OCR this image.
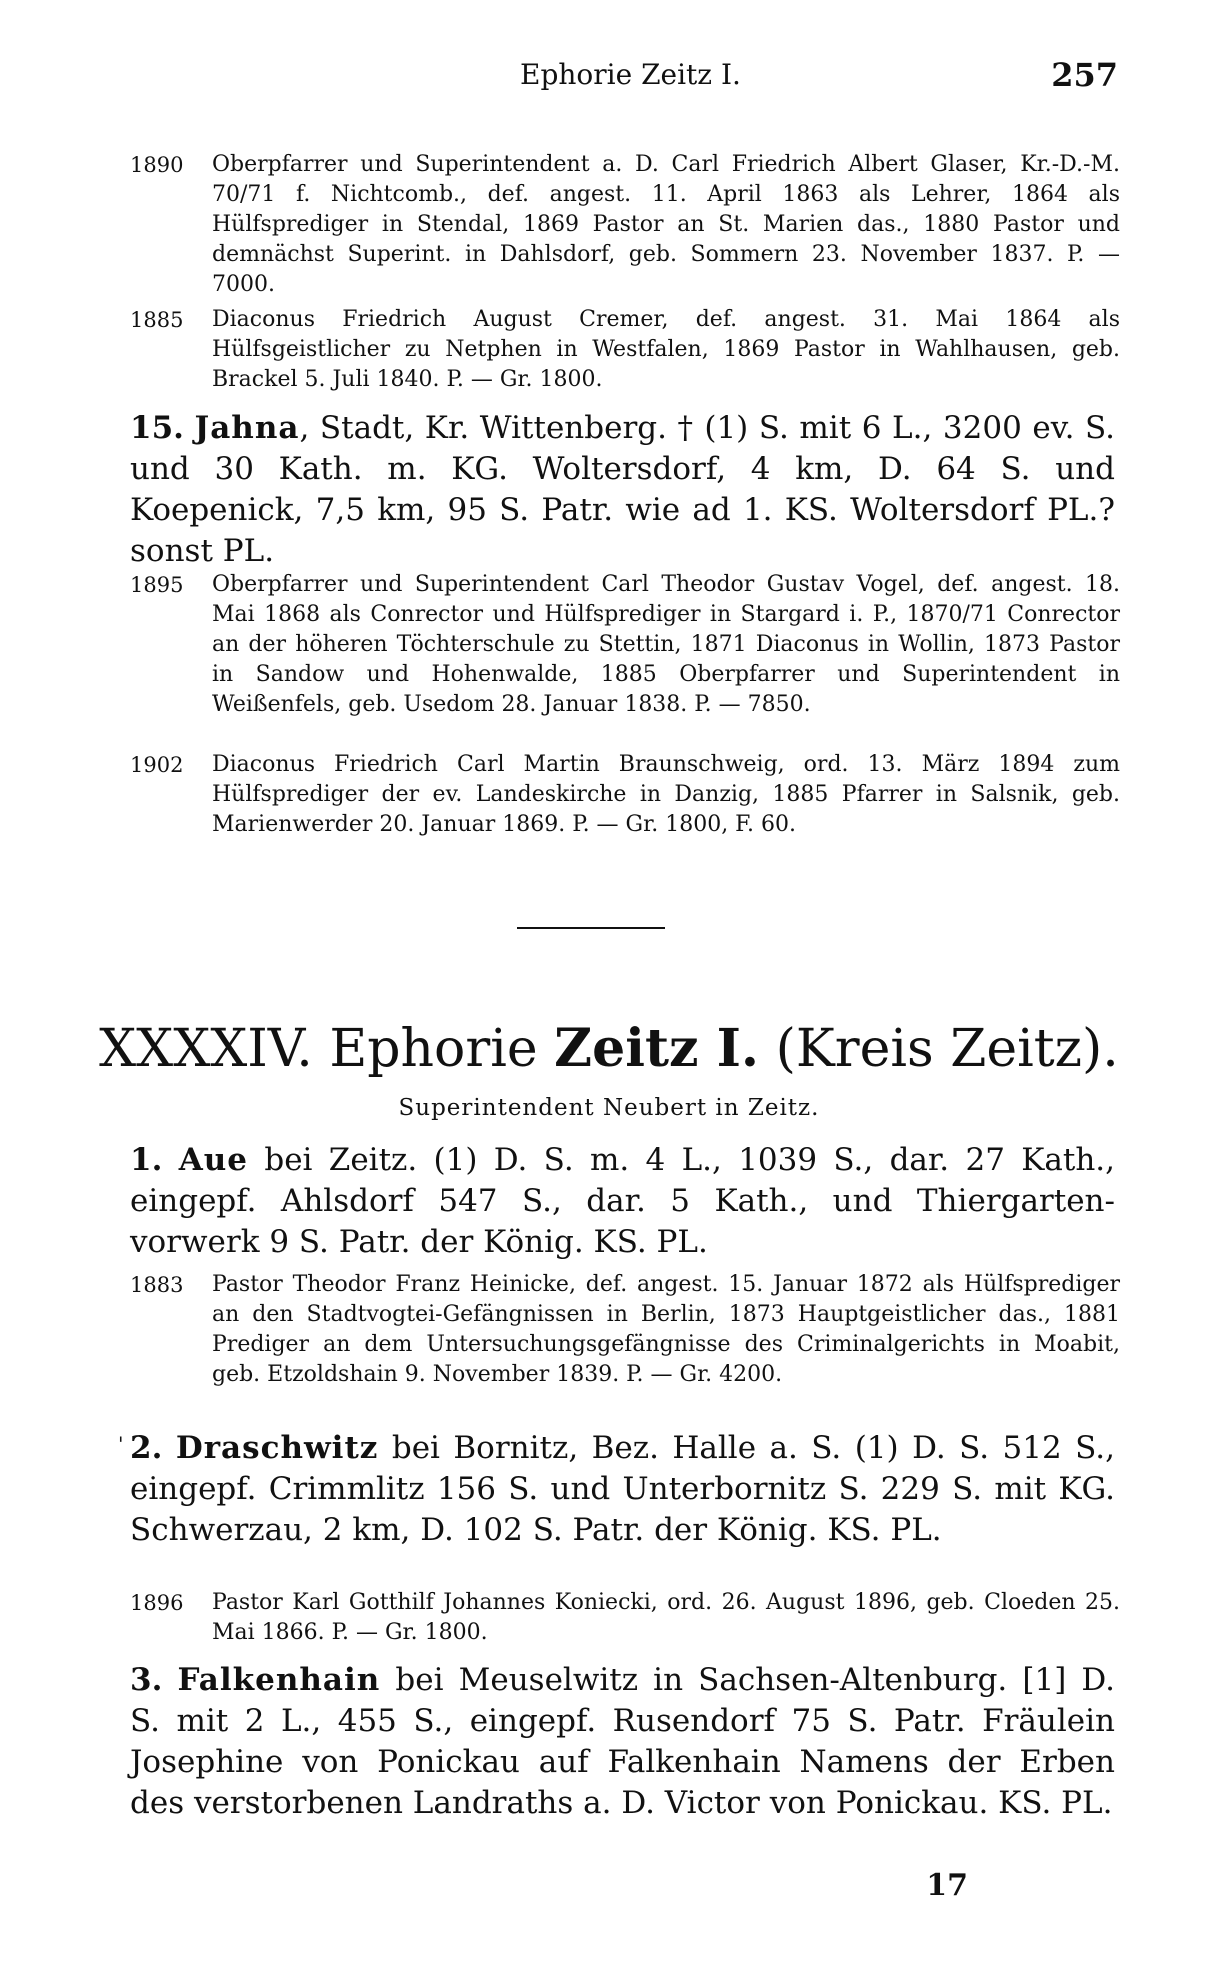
Ephorie Zeitz I.	257
1890	Oberpfarrer und Superintendent a. D. Carl Friedrich Albert Glaser, Kr.-D.-M. 70/71 f. Nichtcomb., def. angest. 11. April 1863 als Lehrer, 1864 als Hülfsprediger in Stendal, 1869 Pastor an St. Marien das., 1880 Pastor und demnächst Superint. in Dahlsdorf, geb. Sommern 23. November 1837. P. — 7000.
1885	Diaconus Friedrich August Cremer, def. angest. 31. Mai 1864 als Hülfsgeistlicher zu Netphen in Westfalen, 1869 Pastor in Wahlhausen, geb. Brackel 5. Juli 1840. P. — Gr. 1800.
15. Jahna, Stadt, Kr. Wittenberg. † (1) S. mit 6 L., 3200 ev. S. und 30 Kath. m. KG. Woltersdorf, 4 km, D. 64 S. und Koepenick, 7,5 km, 95 S. Patr. wie ad 1. KS. Woltersdorf PL.? sonst PL.
1895	Oberpfarrer und Superintendent Carl Theodor Gustav Vogel, def. angest. 18. Mai 1868 als Conrector und Hülfsprediger in Stargard i. P., 1870/71 Conrector an der höheren Töchterschule zu Stettin, 1871 Diaconus in Wollin, 1873 Pastor in Sandow und Hohenwalde, 1885 Oberpfarrer und Superintendent in Weißenfels, geb. Usedom 28. Januar 1838. P. — 7850.
1902	Diaconus Friedrich Carl Martin Braunschweig, ord. 13. März 1894 zum Hülfsprediger der ev. Landeskirche in Danzig, 1885 Pfarrer in Salsnik, geb. Marienwerder 20. Januar 1869. P. — Gr. 1800, F. 60.
XXXXIV. Ephorie Zeitz I. (Kreis Zeitz).
Superintendent Neubert in Zeitz.
1. Aue bei Zeitz. (1) D. S. m. 4 L., 1039 S., dar. 27 Kath., eingepf. Ahlsdorf 547 S., dar. 5 Kath., und Thiergarten-vorwerk 9 S. Patr. der König. KS. PL.
1883	Pastor Theodor Franz Heinicke, def. angest. 15. Januar 1872 als Hülfsprediger an den Stadtvogtei-Gefängnissen in Berlin, 1873 Hauptgeistlicher das., 1881 Prediger an dem Untersuchungsgefängnisse des Criminalgerichts in Moabit, geb. Etzoldshain 9. November 1839. P. — Gr. 4200.
' 2. Draschwitz bei Bornitz, Bez. Halle a. S. (1) D. S. 512 S., eingepf. Crimmlitz 156 S. und Unterbornitz S. 229 S. mit KG. Schwerzau, 2 km, D. 102 S. Patr. der König. KS. PL.
1896	Pastor Karl Gotthilf Johannes Koniecki, ord. 26. August 1896, geb. Cloeden 25. Mai 1866. P. — Gr. 1800.
3. Falkenhain bei Meuselwitz in Sachsen-Altenburg. [1] D. S. mit 2 L., 455 S., eingepf. Rusendorf 75 S. Patr. Fräulein Josephine von Ponickau auf Falkenhain Namens der Erben des verstorbenen Landraths a. D. Victor von Ponickau. KS. PL.
17
